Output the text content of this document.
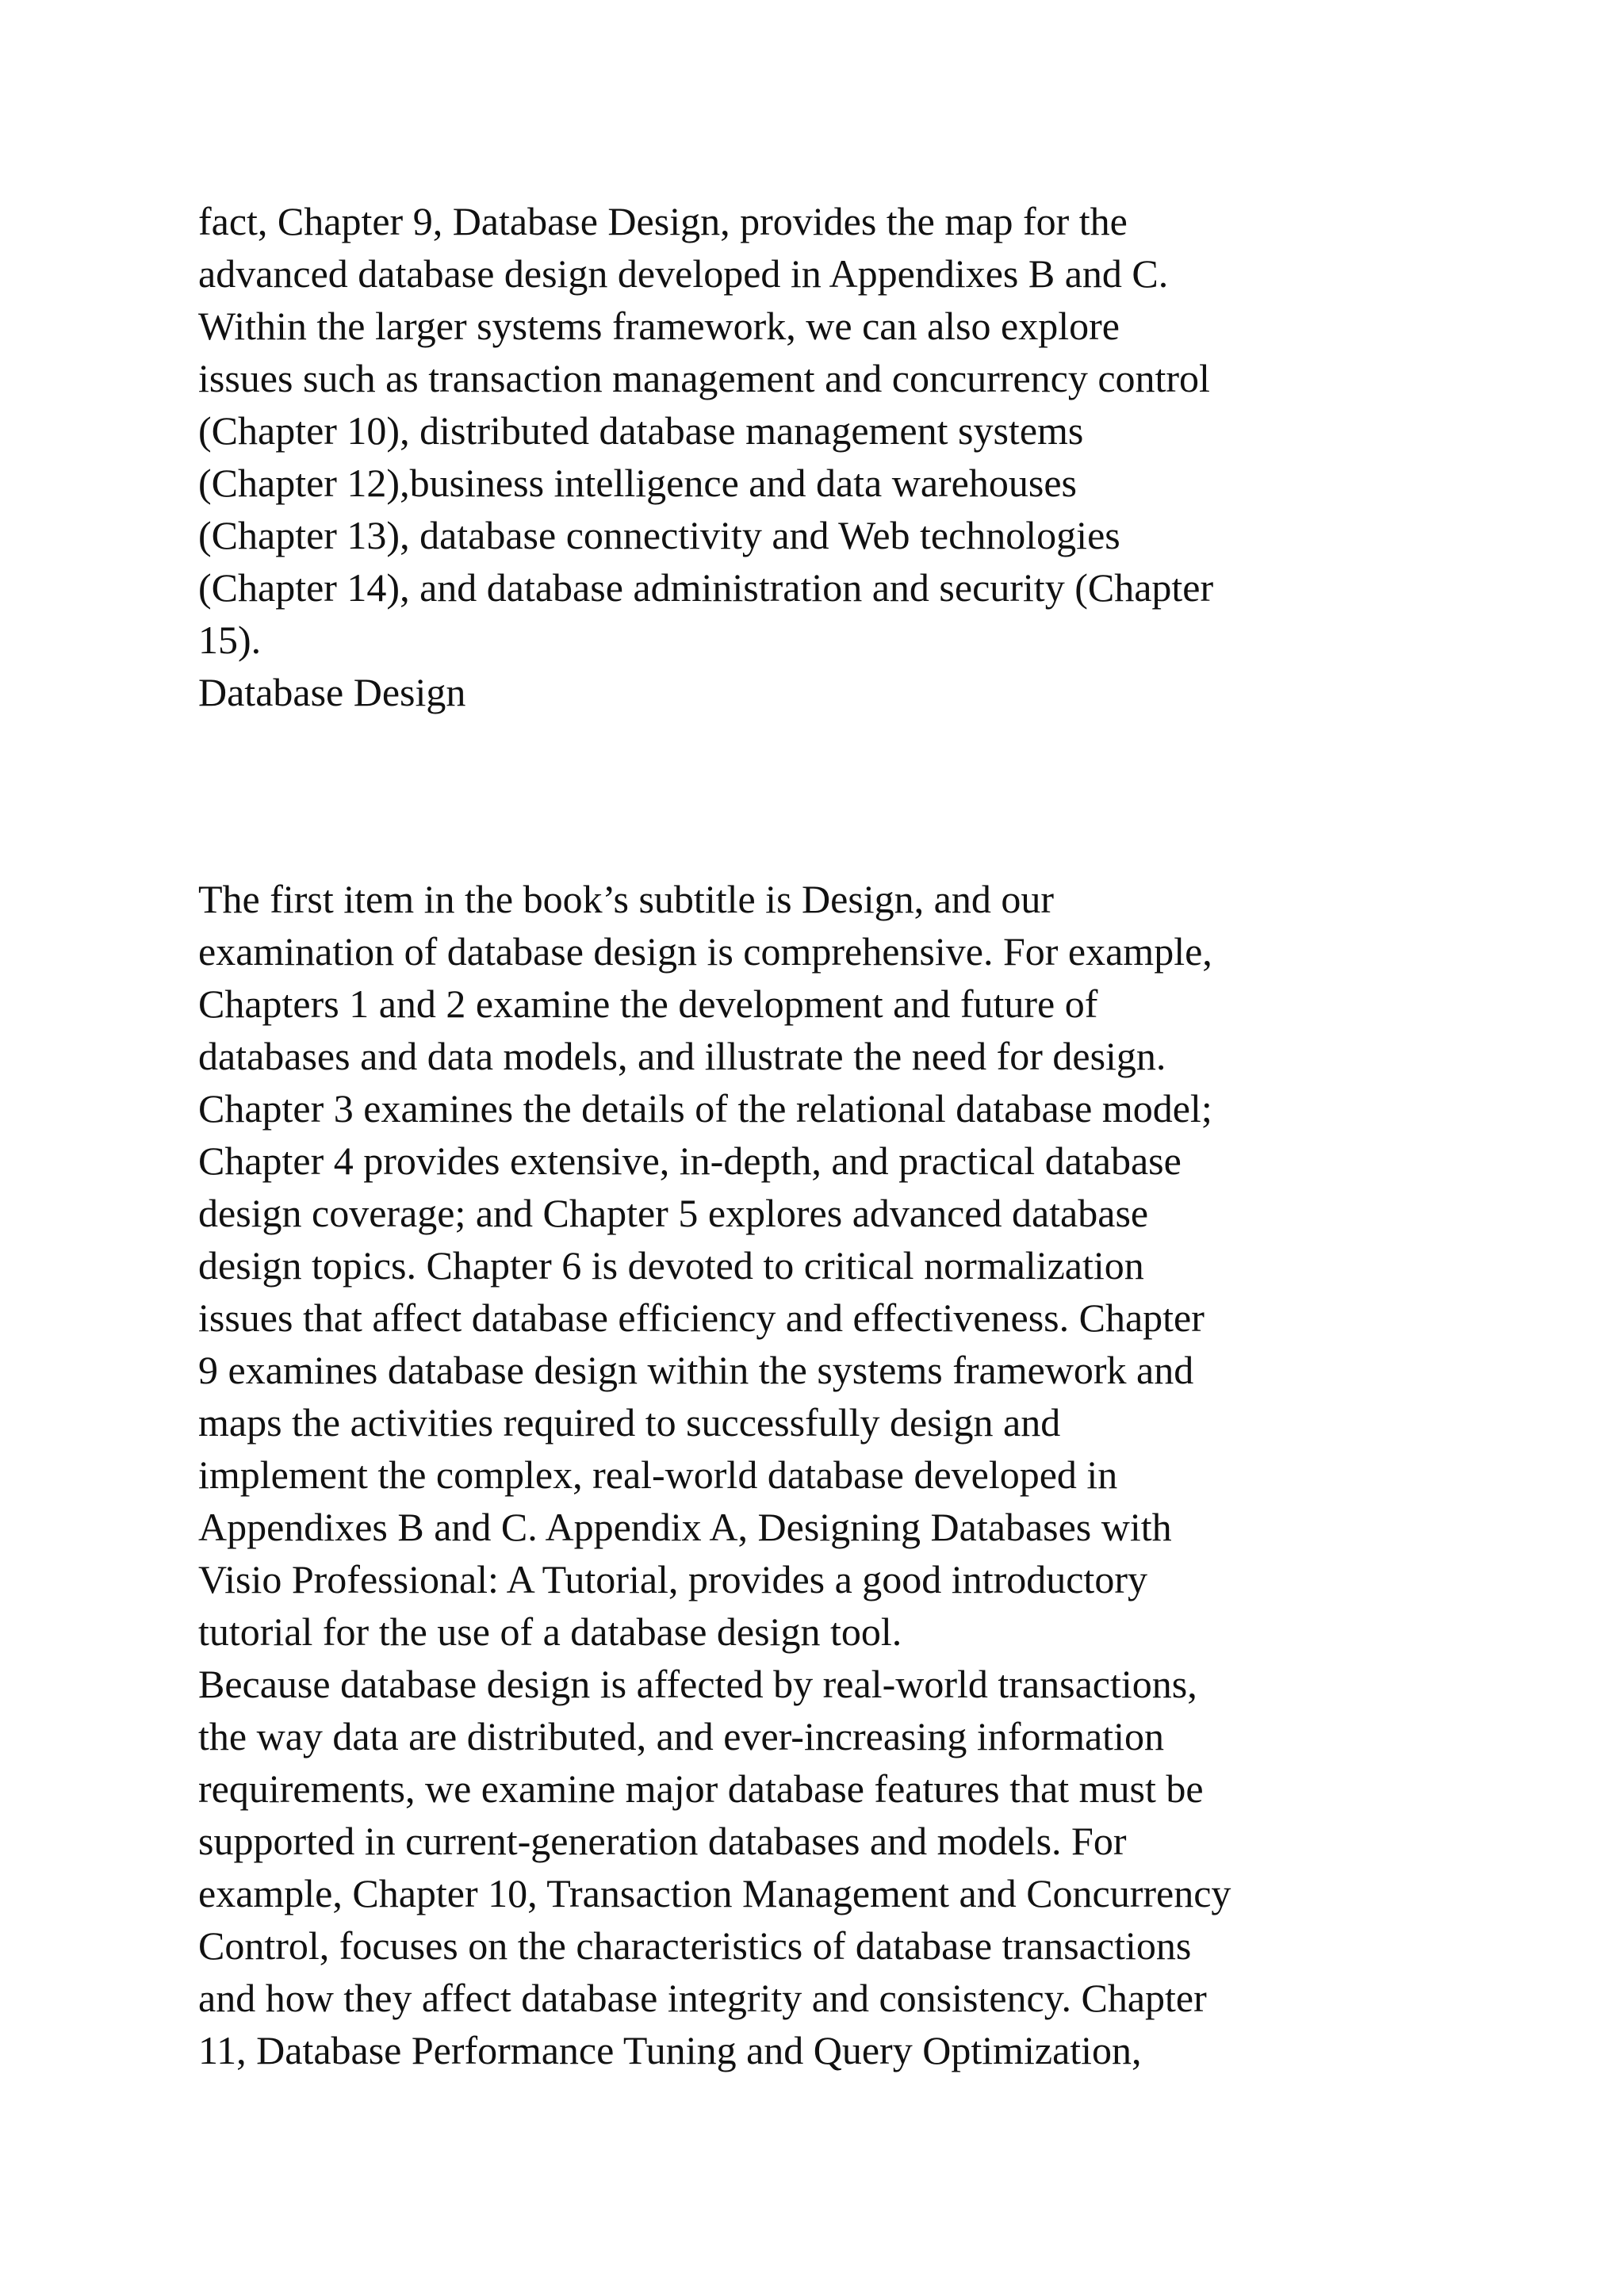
fact, Chapter 9, Database Design, provides the map for the
advanced database design developed in Appendixes B and C.
Within the larger systems framework, we can also explore
issues such as transaction management and concurrency control
(Chapter 10), distributed database management systems
(Chapter 12),business intelligence and data warehouses
(Chapter 13), database connectivity and Web technologies
(Chapter 14), and database administration and security (Chapter
15).
Database Design
The first item in the book’s subtitle is Design, and our
examination of database design is comprehensive. For example,
Chapters 1 and 2 examine the development and future of
databases and data models, and illustrate the need for design.
Chapter 3 examines the details of the relational database model;
Chapter 4 provides extensive, in-depth, and practical database
design coverage; and Chapter 5 explores advanced database
design topics. Chapter 6 is devoted to critical normalization
issues that affect database efficiency and effectiveness. Chapter
9 examines database design within the systems framework and
maps the activities required to successfully design and
implement the complex, real-world database developed in
Appendixes B and C. Appendix A, Designing Databases with
Visio Professional: A Tutorial, provides a good introductory
tutorial for the use of a database design tool.
Because database design is affected by real-world transactions,
the way data are distributed, and ever-increasing information
requirements, we examine major database features that must be
supported in current-generation databases and models. For
example, Chapter 10, Transaction Management and Concurrency
Control, focuses on the characteristics of database transactions
and how they affect database integrity and consistency. Chapter
11, Database Performance Tuning and Query Optimization,
